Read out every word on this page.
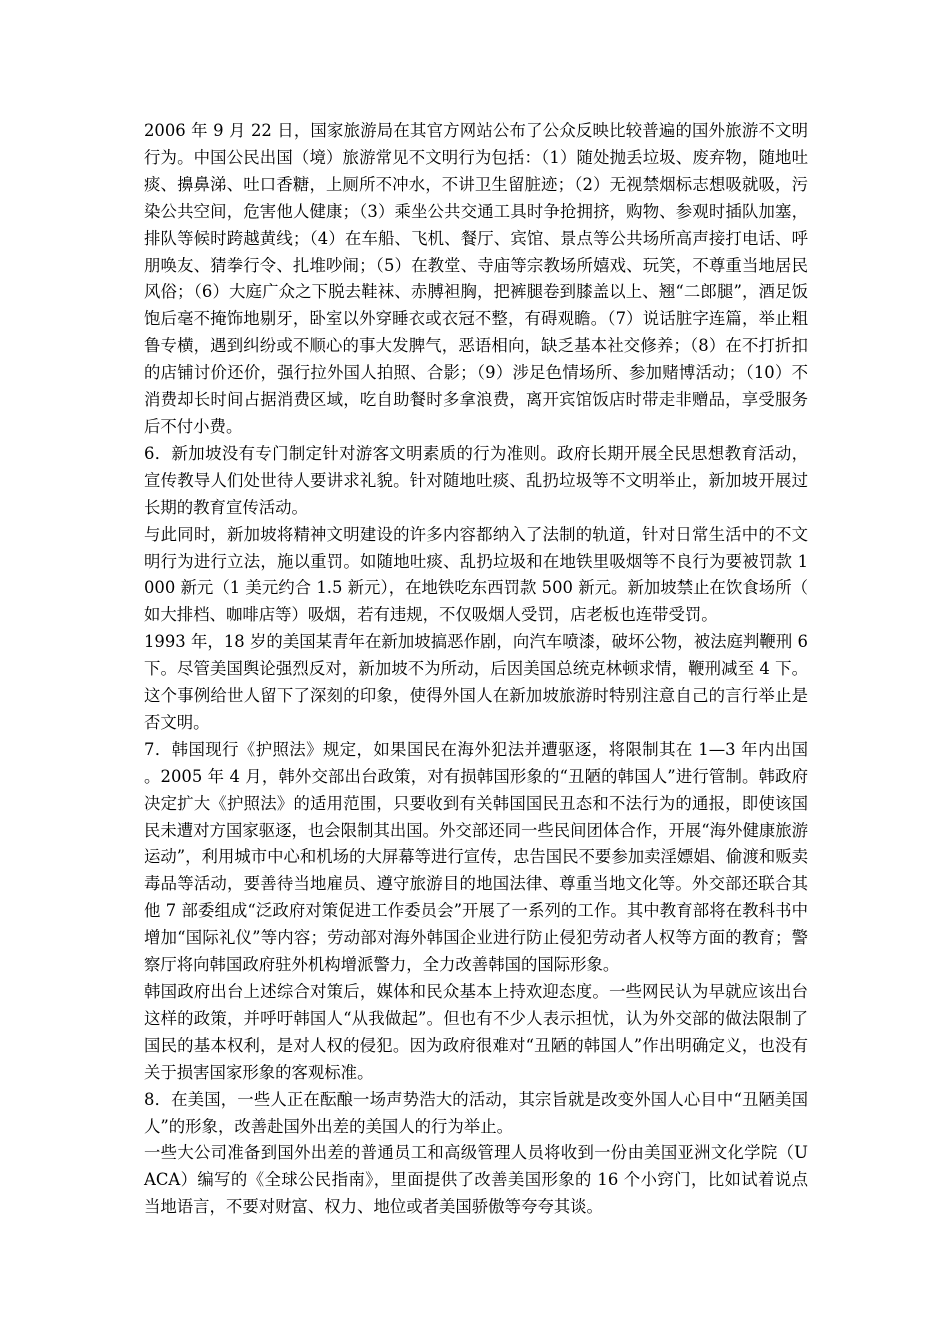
2006 年 9 月 22 日，国家旅游局在其官方网站公布了公众反映比较普遍的国外旅游不文明行为。中国公民出国（境）旅游常见不文明行为包括：（1）随处抛丢垃圾、废弃物，随地吐痰、擤鼻涕、吐口香糖，上厕所不冲水，不讲卫生留脏迹；（2）无视禁烟标志想吸就吸，污染公共空间，危害他人健康；（3）乘坐公共交通工具时争抢拥挤，购物、参观时插队加塞，排队等候时跨越黄线；（4）在车船、飞机、餐厅、宾馆、景点等公共场所高声接打电话、呼朋唤友、猜拳行令、扎堆吵闹；（5）在教堂、寺庙等宗教场所嬉戏、玩笑，不尊重当地居民风俗；（6）大庭广众之下脱去鞋袜、赤膊袒胸，把裤腿卷到膝盖以上、翘“二郎腿”，酒足饭饱后毫不掩饰地剔牙，卧室以外穿睡衣或衣冠不整，有碍观瞻。（7）说话脏字连篇，举止粗鲁专横，遇到纠纷或不顺心的事大发脾气，恶语相向，缺乏基本社交修养；（8）在不打折扣的店铺讨价还价，强行拉外国人拍照、合影；（9）涉足色情场所、参加赌博活动；（10）不消费却长时间占据消费区域，吃自助餐时多拿浪费，离开宾馆饭店时带走非赠品，享受服务后不付小费。

6．新加坡没有专门制定针对游客文明素质的行为准则。政府长期开展全民思想教育活动，宣传教导人们处世待人要讲求礼貌。针对随地吐痰、乱扔垃圾等不文明举止，新加坡开展过长期的教育宣传活动。

与此同时，新加坡将精神文明建设的许多内容都纳入了法制的轨道，针对日常生活中的不文明行为进行立法，施以重罚。如随地吐痰、乱扔垃圾和在地铁里吸烟等不良行为要被罚款 1000 新元（1 美元约合 1.5 新元），在地铁吃东西罚款 500 新元。新加坡禁止在饮食场所（如大排档、咖啡店等）吸烟，若有违规，不仅吸烟人受罚，店老板也连带受罚。

1993 年，18 岁的美国某青年在新加坡搞恶作剧，向汽车喷漆，破坏公物，被法庭判鞭刑 6 下。尽管美国舆论强烈反对，新加坡不为所动，后因美国总统克林顿求情，鞭刑减至 4 下。这个事例给世人留下了深刻的印象，使得外国人在新加坡旅游时特别注意自己的言行举止是否文明。

7．韩国现行《护照法》规定，如果国民在海外犯法并遭驱逐，将限制其在 1—3 年内出国。2005 年 4 月，韩外交部出台政策，对有损韩国形象的“丑陋的韩国人”进行管制。韩政府决定扩大《护照法》的适用范围，只要收到有关韩国国民丑态和不法行为的通报，即使该国民未遭对方国家驱逐，也会限制其出国。外交部还同一些民间团体合作，开展“海外健康旅游运动”，利用城市中心和机场的大屏幕等进行宣传，忠告国民不要参加卖淫嫖娼、偷渡和贩卖毒品等活动，要善待当地雇员、遵守旅游目的地国法律、尊重当地文化等。外交部还联合其他 7 部委组成“泛政府对策促进工作委员会”开展了一系列的工作。其中教育部将在教科书中增加“国际礼仪”等内容；劳动部对海外韩国企业进行防止侵犯劳动者人权等方面的教育；警察厅将向韩国政府驻外机构增派警力，全力改善韩国的国际形象。

韩国政府出台上述综合对策后，媒体和民众基本上持欢迎态度。一些网民认为早就应该出台这样的政策，并呼吁韩国人“从我做起”。但也有不少人表示担忧，认为外交部的做法限制了国民的基本权利，是对人权的侵犯。因为政府很难对“丑陋的韩国人”作出明确定义，也没有关于损害国家形象的客观标准。

8．在美国，一些人正在酝酿一场声势浩大的活动，其宗旨就是改变外国人心目中“丑陋美国人”的形象，改善赴国外出差的美国人的行为举止。

一些大公司准备到国外出差的普通员工和高级管理人员将收到一份由美国亚洲文化学院（UACA）编写的《全球公民指南》，里面提供了改善美国形象的 16 个小窍门，比如试着说点当地语言，不要对财富、权力、地位或者美国骄傲等夸夸其谈。
